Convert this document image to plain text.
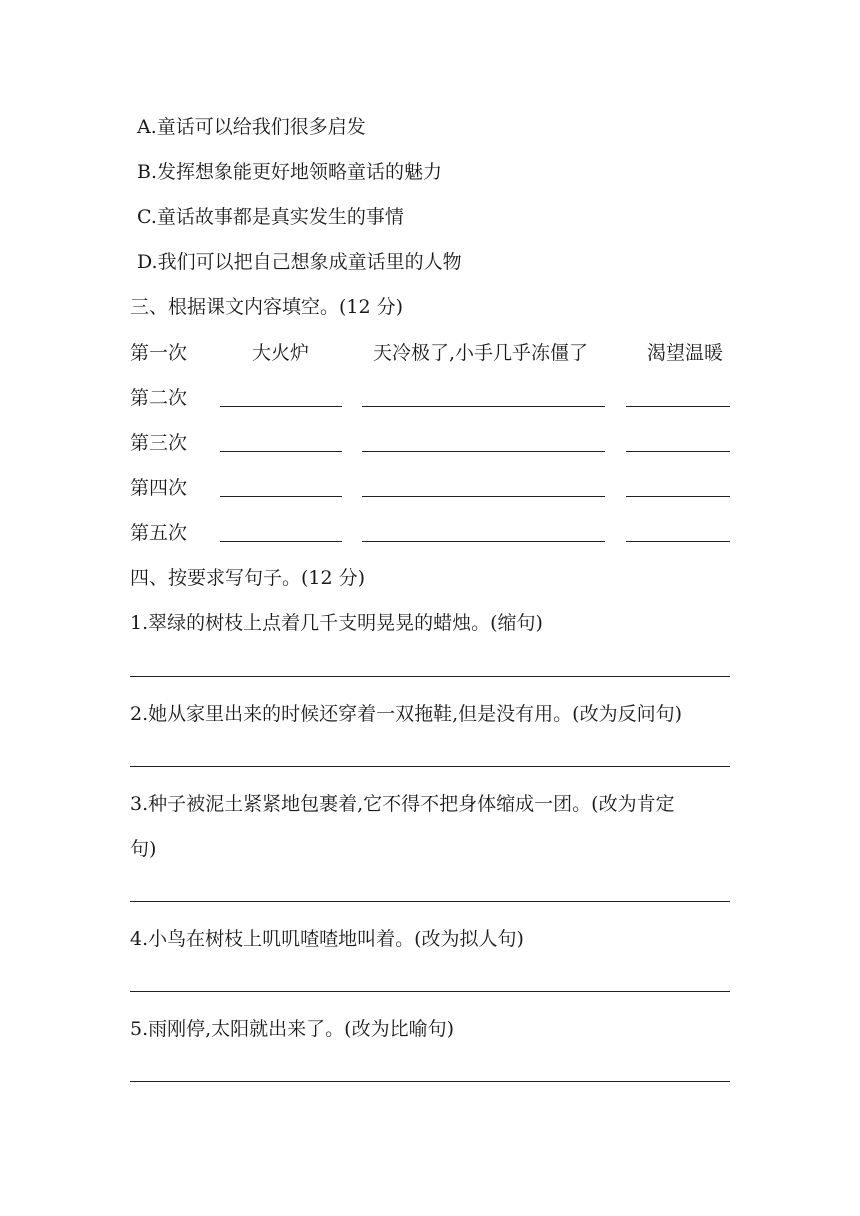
A.童话可以给我们很多启发
B.发挥想象能更好地领略童话的魅力
C.童话故事都是真实发生的事情
D.我们可以把自己想象成童话里的人物
三、根据课文内容填空。(12 分)
第一次	大火炉	天冷极了,小手几乎冻僵了	渴望温暖
第二次
第三次
第四次
第五次
四、按要求写句子。(12 分)
1.翠绿的树枝上点着几千支明晃晃的蜡烛。(缩句)
2.她从家里出来的时候还穿着一双拖鞋,但是没有用。(改为反问句)
3.种子被泥土紧紧地包裹着,它不得不把身体缩成一团。(改为肯定
句)
4.小鸟在树枝上叽叽喳喳地叫着。(改为拟人句)
5.雨刚停,太阳就出来了。(改为比喻句)
